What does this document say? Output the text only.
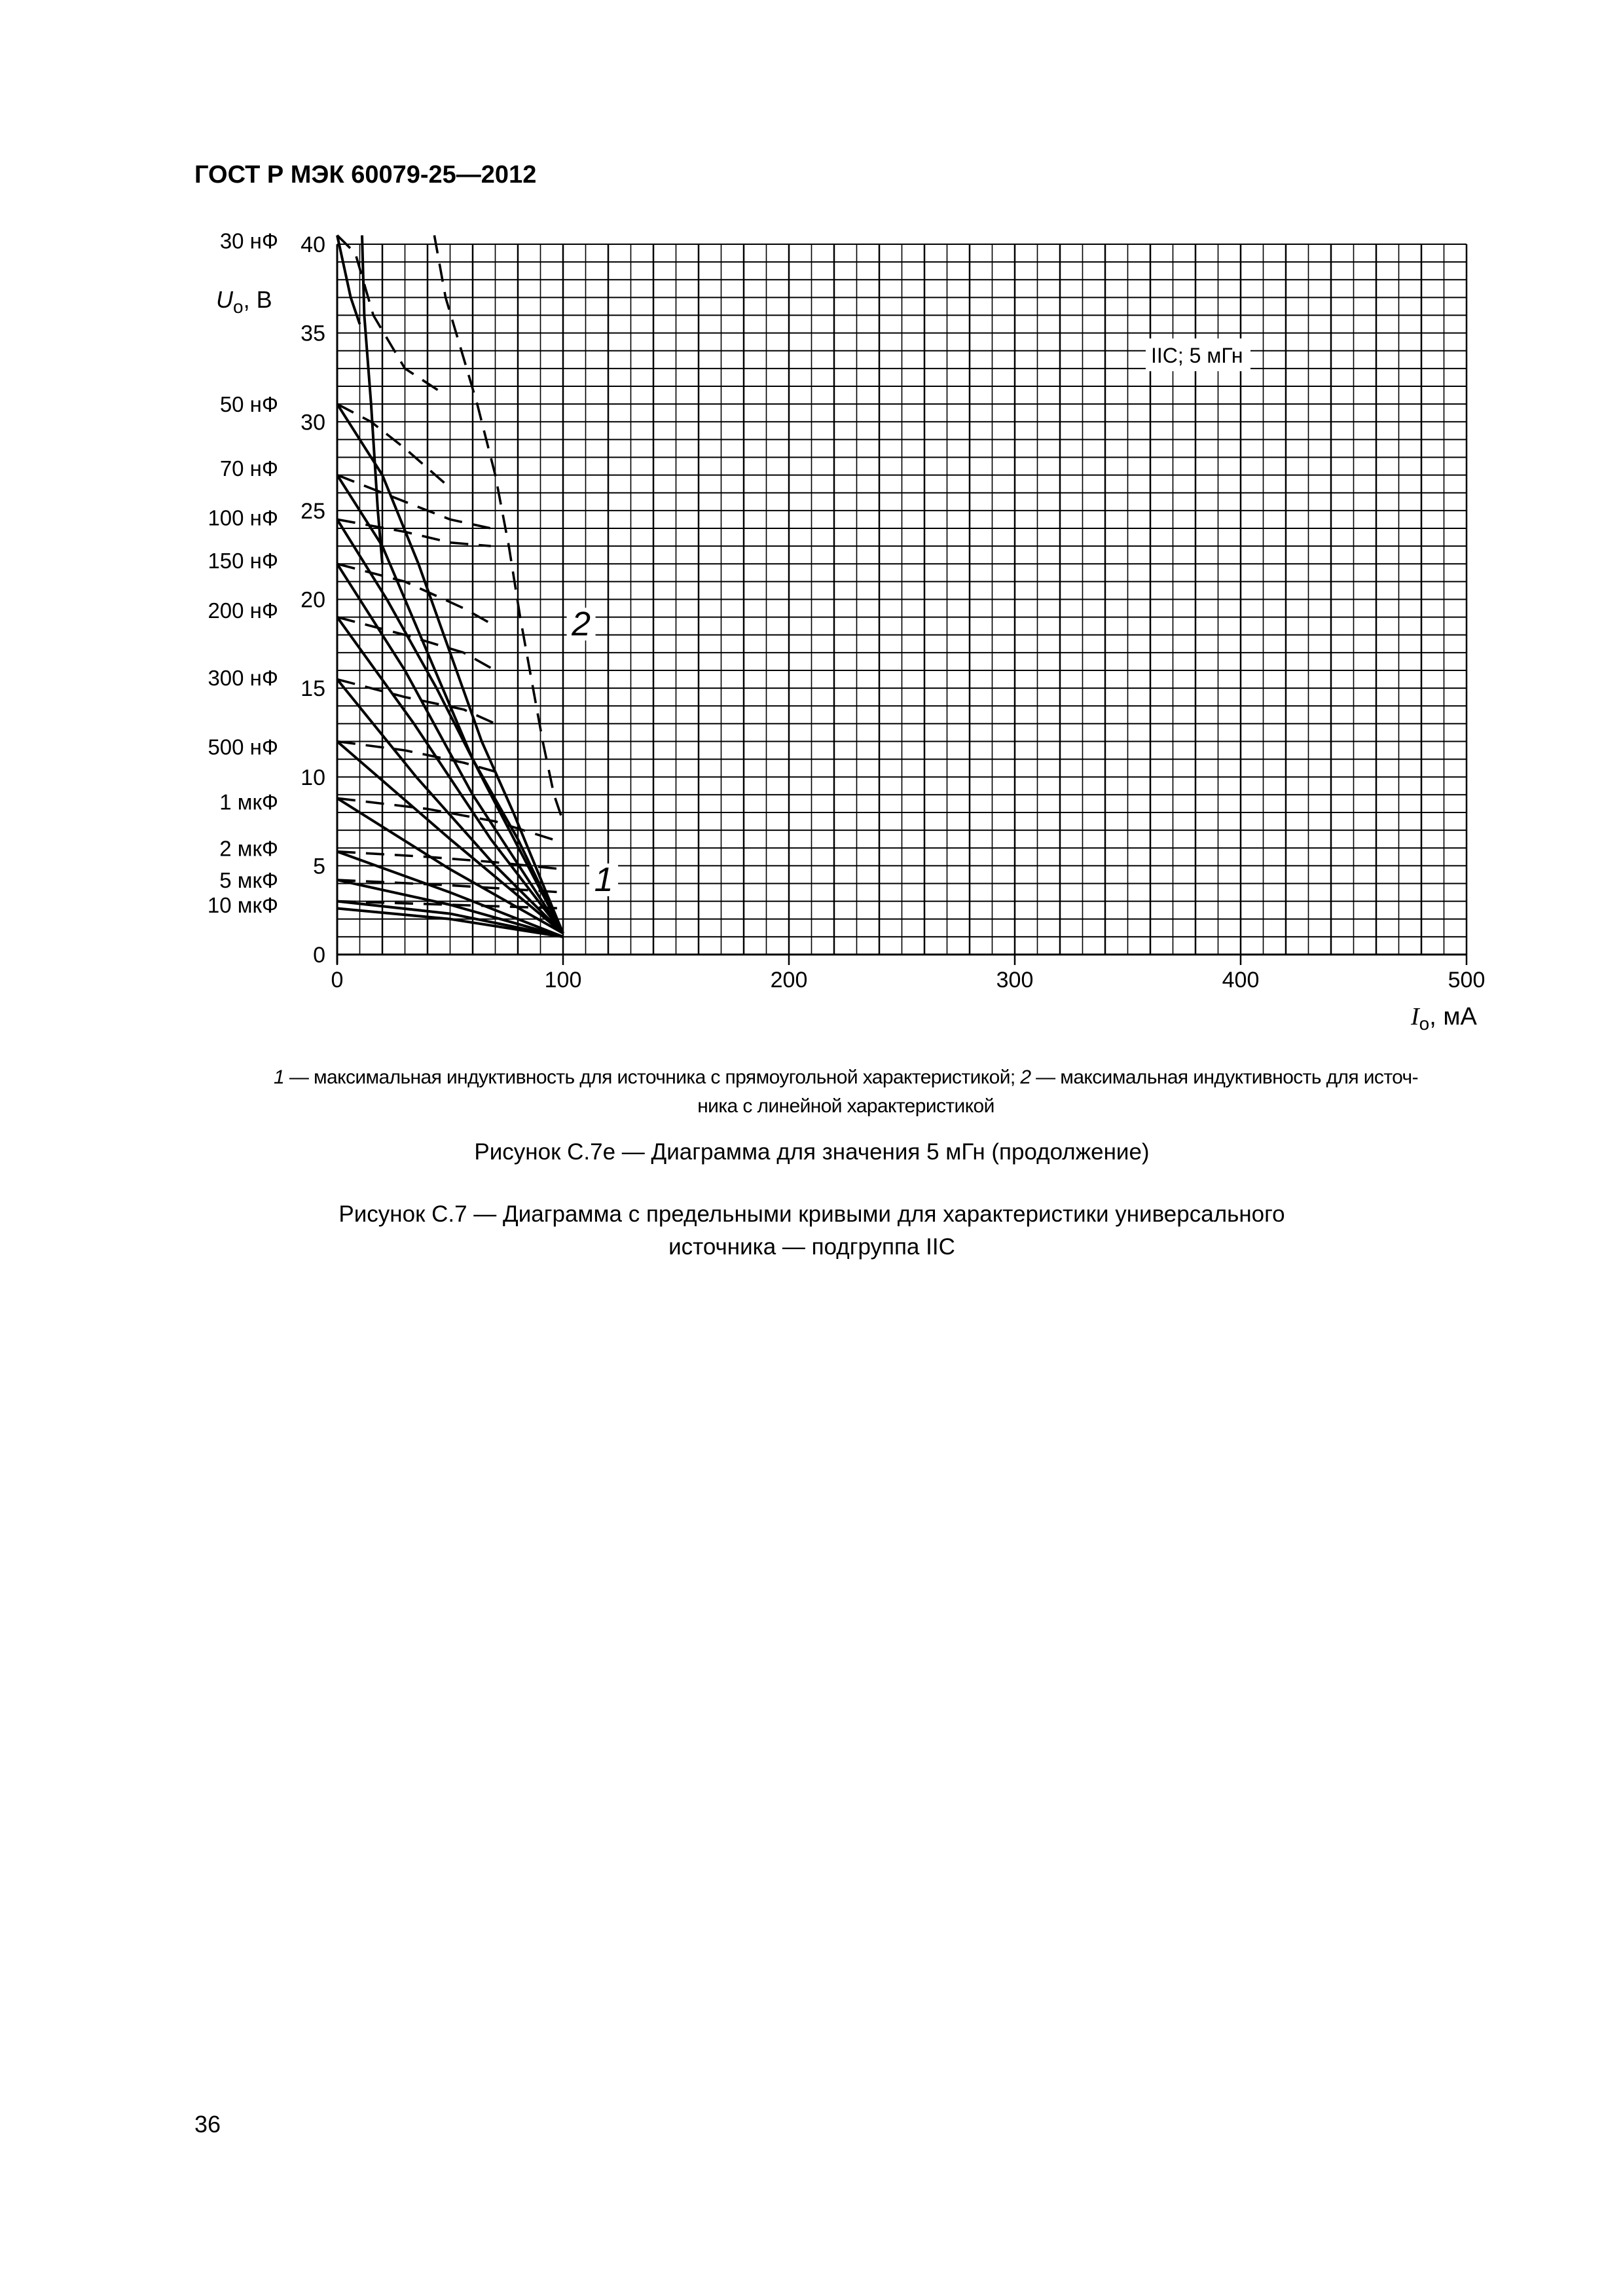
ГОСТ Р МЭК 60079-25—2012
0	100	200	300	400	500
0
5
10
15
20
25
30
35
40
30 нФ
50 нФ
70 нФ
100 нФ
150 нФ
200 нФ
300 нФ
500 нФ
1 мкФ
2 мкФ
5 мкФ
10 мкФ
2
1
$U_o$, В
$I_o$, мА
IIC; 5 мГн
1 — максимальная индуктивность для источника с прямоугольной характеристикой; 2 — максимальная индуктивность для источ-
ника с линейной характеристикой
Рисунок С.7е — Диаграмма для значения 5 мГн (продолжение)
Рисунок С.7 — Диаграмма с предельными кривыми для характеристики универсального
источника — подгруппа IIC
36
